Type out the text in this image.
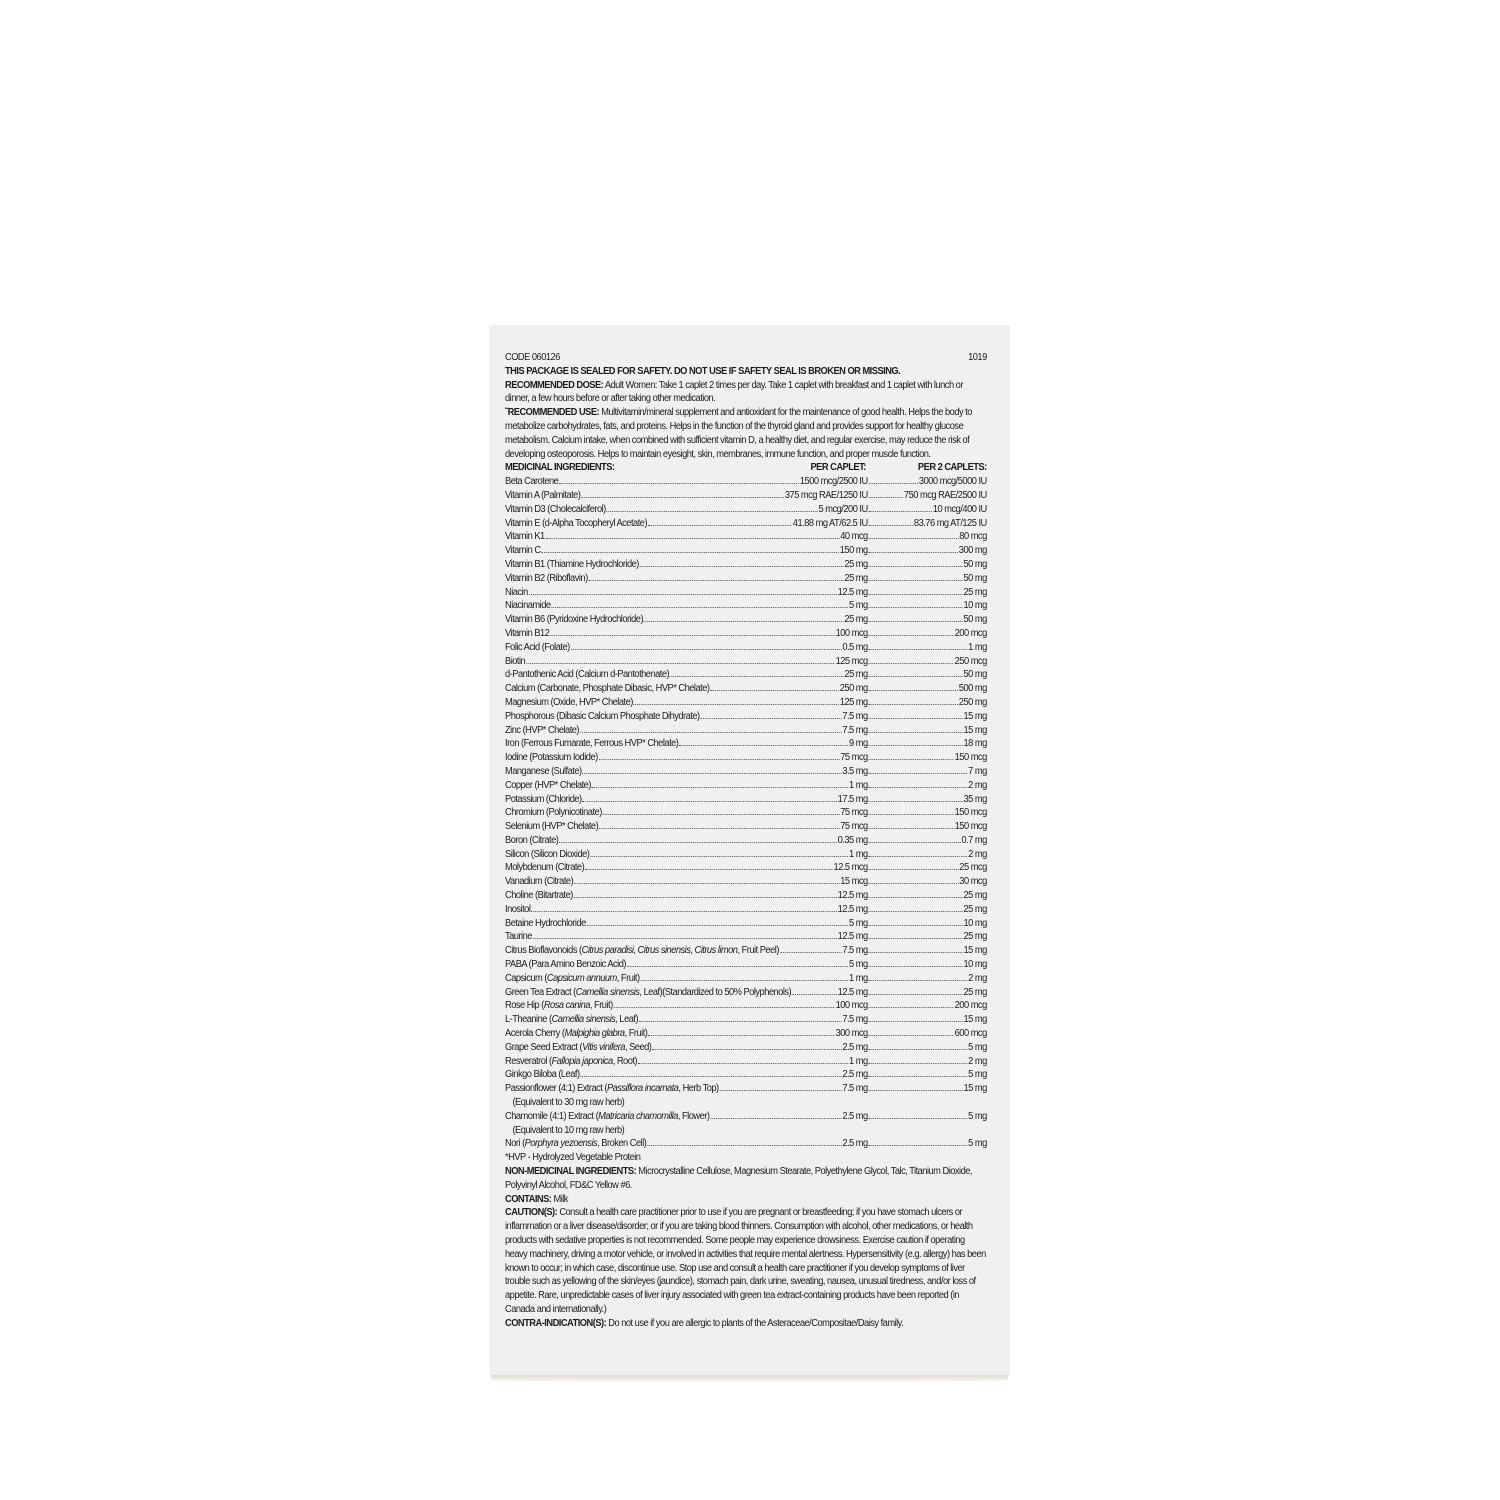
CODE 060126	1019

THIS PACKAGE IS SEALED FOR SAFETY. DO NOT USE IF SAFETY SEAL IS BROKEN OR MISSING.

RECOMMENDED DOSE: Adult Women: Take 1 caplet 2 times per day. Take 1 caplet with breakfast and 1 caplet with lunch or dinner, a few hours before or after taking other medication.

˜RECOMMENDED USE: Multivitamin/mineral supplement and antioxidant for the maintenance of good health. Helps the body to metabolize carbohydrates, fats, and proteins. Helps in the function of the thyroid gland and provides support for healthy glucose metabolism. Calcium intake, when combined with sufficient vitamin D, a healthy diet, and regular exercise, may reduce the risk of developing osteoporosis. Helps to maintain eyesight, skin, membranes, immune function, and proper muscle function.

MEDICINAL INGREDIENTS:	PER CAPLET:	PER 2 CAPLETS:
Beta Carotene	1500 mcg/2500 IU	3000 mcg/5000 IU
Vitamin A (Palmitate)	375 mcg RAE/1250 IU	750 mcg RAE/2500 IU
Vitamin D3 (Cholecalciferol)	5 mcg/200 IU	10 mcg/400 IU
Vitamin E (d-Alpha Tocopheryl Acetate)	41.88 mg AT/62.5 IU	83.76 mg AT/125 IU
Vitamin K1	40 mcg	80 mcg
Vitamin C	150 mg	300 mg
Vitamin B1 (Thiamine Hydrochloride)	25 mg	50 mg
Vitamin B2 (Riboflavin)	25 mg	50 mg
Niacin	12.5 mg	25 mg
Niacinamide	5 mg	10 mg
Vitamin B6 (Pyridoxine Hydrochloride)	25 mg	50 mg
Vitamin B12	100 mcg	200 mcg
Folic Acid (Folate)	0.5 mg	1 mg
Biotin	125 mcg	250 mcg
d-Pantothenic Acid (Calcium d-Pantothenate)	25 mg	50 mg
Calcium (Carbonate, Phosphate Dibasic, HVP* Chelate)	250 mg	500 mg
Magnesium (Oxide, HVP* Chelate)	125 mg	250 mg
Phosphorous (Dibasic Calcium Phosphate Dihydrate)	7.5 mg	15 mg
Zinc (HVP* Chelate)	7.5 mg	15 mg
Iron (Ferrous Fumarate, Ferrous HVP* Chelate)	9 mg	18 mg
Iodine (Potassium Iodide)	75 mcg	150 mcg
Manganese (Sulfate)	3.5 mg	7 mg
Copper (HVP* Chelate)	1 mg	2 mg
Potassium (Chloride)	17.5 mg	35 mg
Chromium (Polynicotinate)	75 mcg	150 mcg
Selenium (HVP* Chelate)	75 mcg	150 mcg
Boron (Citrate)	0.35 mg	0.7 mg
Silicon (Silicon Dioxide)	1 mg	2 mg
Molybdenum (Citrate)	12.5 mcg	25 mcg
Vanadium (Citrate)	15 mcg	30 mcg
Choline (Bitartrate)	12.5 mg	25 mg
Inositol	12.5 mg	25 mg
Betaine Hydrochloride	5 mg	10 mg
Taurine	12.5 mg	25 mg
Citrus Bioflavonoids (Citrus paradisi, Citrus sinensis, Citrus limon, Fruit Peel)	7.5 mg	15 mg
PABA (Para Amino Benzoic Acid)	5 mg	10 mg
Capsicum (Capsicum annuum, Fruit)	1 mg	2 mg
Green Tea Extract (Camellia sinensis, Leaf)(Standardized to 50% Polyphenols)	12.5 mg	25 mg
Rose Hip (Rosa canina, Fruit)	100 mcg	200 mcg
L-Theanine (Camellia sinensis, Leaf)	7.5 mg	15 mg
Acerola Cherry (Malpighia glabra, Fruit)	300 mcg	600 mcg
Grape Seed Extract (Vitis vinifera, Seed)	2.5 mg	5 mg
Resveratrol (Fallopia japonica, Root)	1 mg	2 mg
Ginkgo Biloba (Leaf)	2.5 mg	5 mg
Passionflower (4:1) Extract (Passiflora incarnata, Herb Top)	7.5 mg	15 mg
(Equivalent to 30 mg raw herb)
Chamomile (4:1) Extract (Matricaria chamomilla, Flower)	2.5 mg	5 mg
(Equivalent to 10 mg raw herb)
Nori (Porphyra yezoensis, Broken Cell)	2.5 mg	5 mg

*HVP - Hydrolyzed Vegetable Protein

NON-MEDICINAL INGREDIENTS: Microcrystalline Cellulose, Magnesium Stearate, Polyethylene Glycol, Talc, Titanium Dioxide, Polyvinyl Alcohol, FD&C Yellow #6.

CONTAINS: Milk

CAUTION(S): Consult a health care practitioner prior to use if you are pregnant or breastfeeding; if you have stomach ulcers or inflammation or a liver disease/disorder; or if you are taking blood thinners. Consumption with alcohol, other medications, or health products with sedative properties is not recommended. Some people may experience drowsiness. Exercise caution if operating heavy machinery, driving a motor vehicle, or involved in activities that require mental alertness. Hypersensitivity (e.g. allergy) has been known to occur; in which case, discontinue use. Stop use and consult a health care practitioner if you develop symptoms of liver trouble such as yellowing of the skin/eyes (jaundice), stomach pain, dark urine, sweating, nausea, unusual tiredness, and/or loss of appetite. Rare, unpredictable cases of liver injury associated with green tea extract-containing products have been reported (in Canada and internationally.)

CONTRA-INDICATION(S): Do not use if you are allergic to plants of the Asteraceae/Compositae/Daisy family.
